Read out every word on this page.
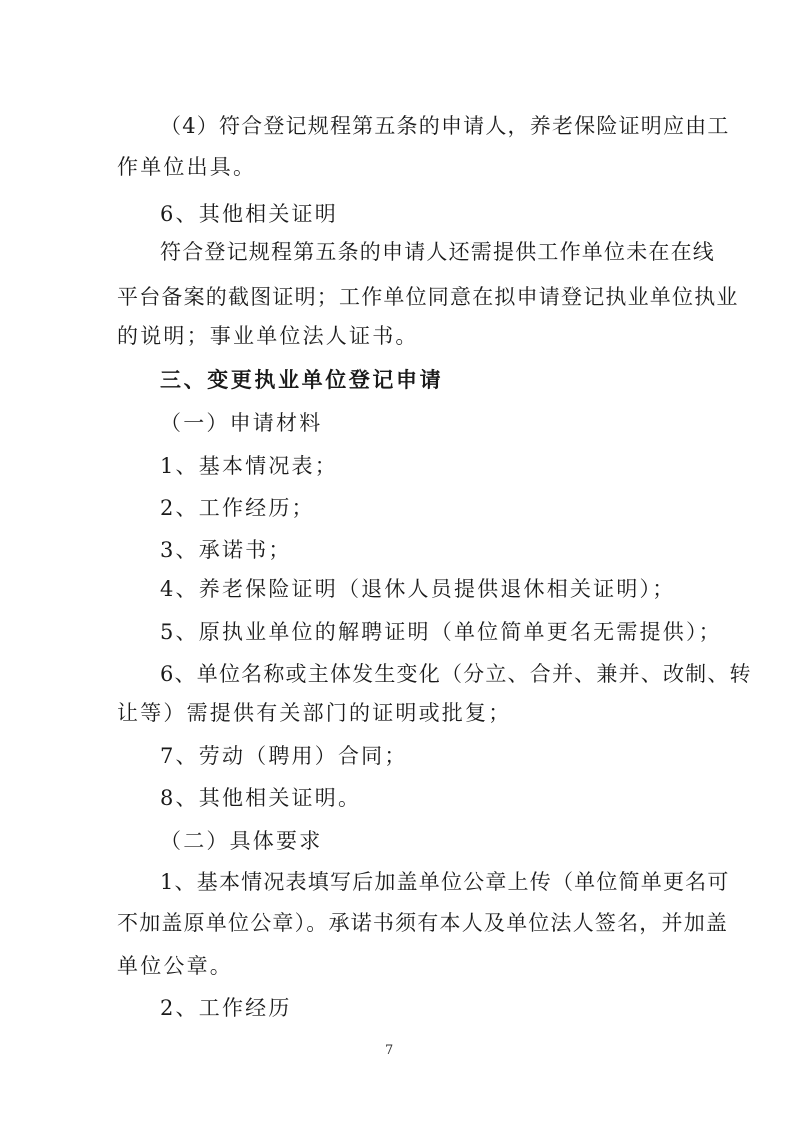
（4）符合登记规程第五条的申请人，养老保险证明应由工
作单位出具。
6、其他相关证明
符合登记规程第五条的申请人还需提供工作单位未在在线
平台备案的截图证明；工作单位同意在拟申请登记执业单位执业
的说明；事业单位法人证书。
三、变更执业单位登记申请
（一）申请材料
1、基本情况表；
2、工作经历；
3、承诺书；
4、养老保险证明（退休人员提供退休相关证明）；
5、原执业单位的解聘证明（单位简单更名无需提供）；
6、单位名称或主体发生变化（分立、合并、兼并、改制、转
让等）需提供有关部门的证明或批复；
7、劳动（聘用）合同；
8、其他相关证明。
（二）具体要求
1、基本情况表填写后加盖单位公章上传（单位简单更名可
不加盖原单位公章）。承诺书须有本人及单位法人签名，并加盖
单位公章。
2、工作经历
7
